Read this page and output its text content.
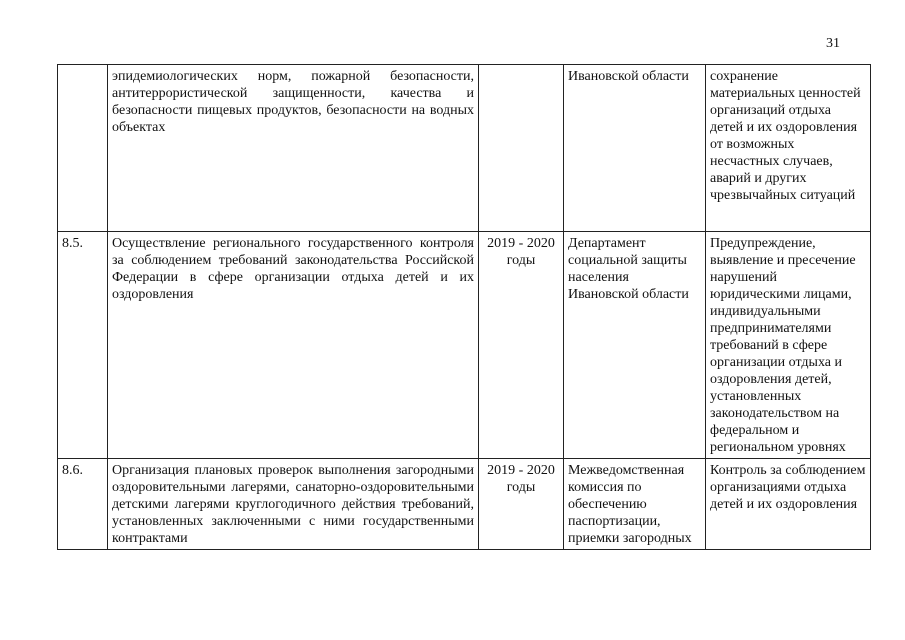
31
	эпидемиологических норм, пожарной безопасности, антитеррористической защищенности, качества и безопасности пищевых продуктов, безопасности на водных объектах		Ивановской области	сохранение материальных ценностей организаций отдыха детей и их оздоровления от возможных несчастных случаев, аварий и других чрезвычайных ситуаций
8.5.	Осуществление регионального государственного контроля за соблюдением требований законодательства Российской Федерации в сфере организации отдыха детей и их оздоровления	2019 - 2020 годы	Департамент социальной защиты населения Ивановской области	Предупреждение, выявление и пресечение нарушений юридическими лицами, индивидуальными предпринимателями требований в сфере организации отдыха и оздоровления детей, установленных законодательством на федеральном и региональном уровнях
8.6.	Организация плановых проверок выполнения загородными оздоровительными лагерями, санаторно-оздоровительными детскими лагерями круглогодичного действия требований, установленных заключенными с ними государственными контрактами	2019 - 2020 годы	Межведомственная комиссия по обеспечению паспортизации, приемки загородных	Контроль за соблюдением организациями отдыха детей и их оздоровления
